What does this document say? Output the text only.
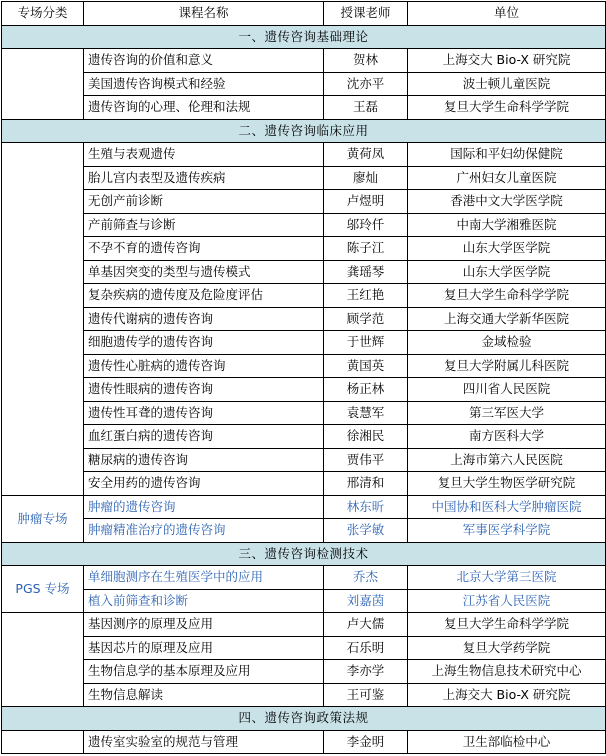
专场分类	课程名称	授课老师	单位
一、遗传咨询基础理论			
	遗传咨询的价值和意义	贺林	上海交大 Bio-X 研究院
	美国遗传咨询模式和经验	沈亦平	波士顿儿童医院
	遗传咨询的心理、伦理和法规	王磊	复旦大学生命科学学院
二、遗传咨询临床应用			
	生殖与表观遗传	黄荷凤	国际和平妇幼保健院
	胎儿宫内表型及遗传疾病	廖灿	广州妇女儿童医院
	无创产前诊断	卢煜明	香港中文大学医学院
	产前筛查与诊断	邬玲仟	中南大学湘雅医院
	不孕不育的遗传咨询	陈子江	山东大学医学院
	单基因突变的类型与遗传模式	龚瑶琴	山东大学医学院
	复杂疾病的遗传度及危险度评估	王红艳	复旦大学生命科学学院
	遗传代谢病的遗传咨询	顾学范	上海交通大学新华医院
	细胞遗传学的遗传咨询	于世辉	金域检验
	遗传性心脏病的遗传咨询	黄国英	复旦大学附属儿科医院
	遗传性眼病的遗传咨询	杨正林	四川省人民医院
	遗传性耳聋的遗传咨询	袁慧军	第三军医大学
	血红蛋白病的遗传咨询	徐湘民	南方医科大学
	糖尿病的遗传咨询	贾伟平	上海市第六人民医院
	安全用药的遗传咨询	邢清和	复旦大学生物医学研究院
肿瘤专场	肿瘤的遗传咨询	林东昕	中国协和医科大学肿瘤医院
	肿瘤精准治疗的遗传咨询	张学敏	军事医学科学院
三、遗传咨询检测技术			
PGS 专场	单细胞测序在生殖医学中的应用	乔杰	北京大学第三医院
	植入前筛查和诊断	刘嘉茵	江苏省人民医院
	基因测序的原理及应用	卢大儒	复旦大学生命科学学院
	基因芯片的原理及应用	石乐明	复旦大学药学院
	生物信息学的基本原理及应用	李亦学	上海生物信息技术研究中心
	生物信息解读	王可鉴	上海交大 Bio-X 研究院
四、遗传咨询政策法规			
	遗传室实验室的规范与管理	李金明	卫生部临检中心
